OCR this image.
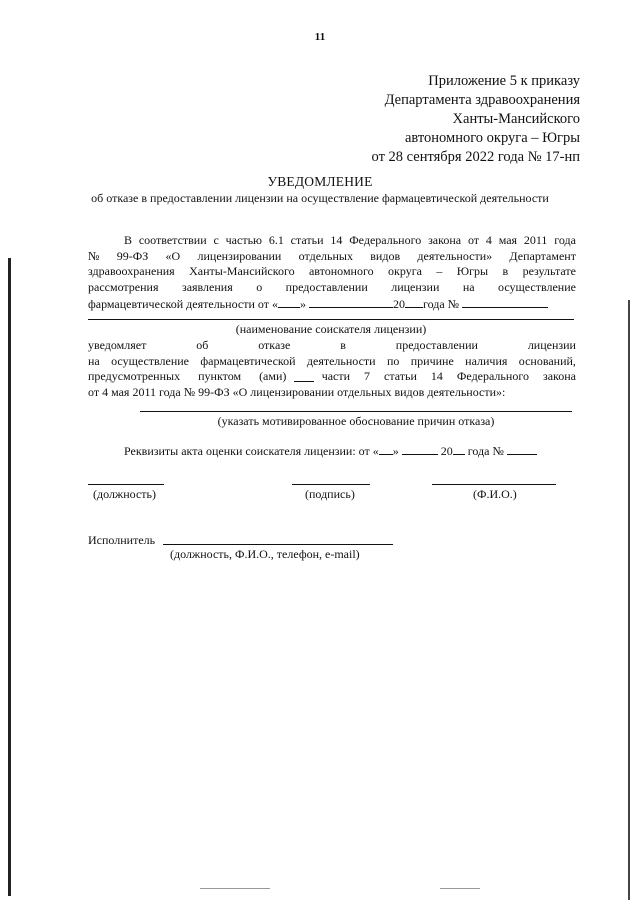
11
Приложение 5 к приказу
Департамента здравоохранения
Ханты-Мансийского
автономного округа – Югры
от 28 сентября 2022 года № 17-нп
УВЕДОМЛЕНИЕ
об отказе в предоставлении лицензии на осуществление фармацевтической деятельности
В соответствии с частью 6.1 статьи 14 Федерального закона от 4 мая 2011 года
№ 99-ФЗ «О лицензировании отдельных видов деятельности» Департамент
здравоохранения Ханты-Мансийского автономного округа – Югры в результате
рассмотрения заявления о предоставлении лицензии на осуществление
фармацевтической деятельности от « »	20 года №
(наименование соискателя лицензии)
уведомляет	об	отказе	в	предоставлении	лицензии
на осуществление фармацевтической деятельности по причине наличия оснований,
предусмотренных пунктом (ами)	части 7 статьи 14 Федерального закона
от 4 мая 2011 года № 99-ФЗ «О лицензировании отдельных видов деятельности»:
(указать мотивированное обоснование причин отказа)
Реквизиты акта оценки соискателя лицензии: от « »	20 года №
(должность)	(подпись)	(Ф.И.О.)
Исполнитель
(должность, Ф.И.О., телефон, e-mail)
